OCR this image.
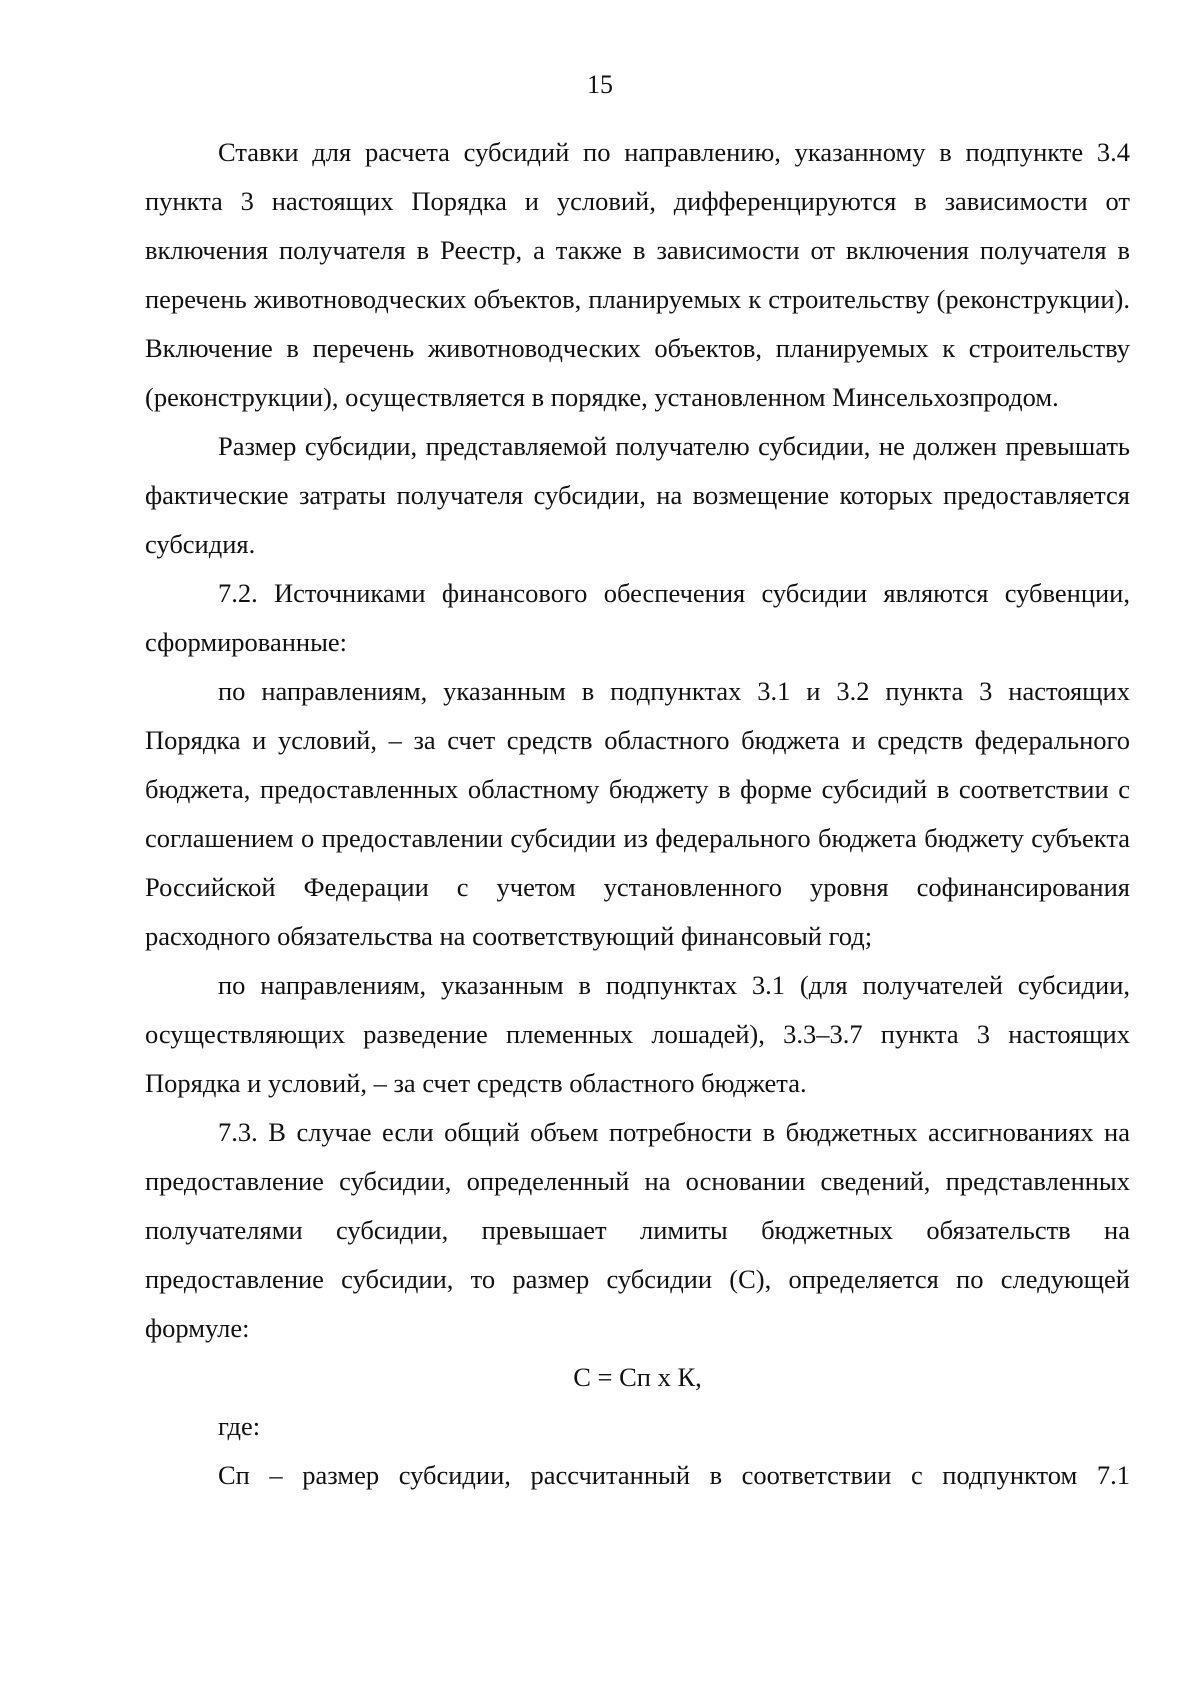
15

Ставки для расчета субсидий по направлению, указанному в подпункте 3.4 пункта 3 настоящих Порядка и условий, дифференцируются в зависимости от включения получателя в Реестр, а также в зависимости от включения получателя в перечень животноводческих объектов, планируемых к строительству (реконструкции). Включение в перечень животноводческих объектов, планируемых к строительству (реконструкции), осуществляется в порядке, установленном Минсельхозпродом.

Размер субсидии, представляемой получателю субсидии, не должен превышать фактические затраты получателя субсидии, на возмещение которых предоставляется субсидия.

7.2. Источниками финансового обеспечения субсидии являются субвенции, сформированные:

по направлениям, указанным в подпунктах 3.1 и 3.2 пункта 3 настоящих Порядка и условий, – за счет средств областного бюджета и средств федерального бюджета, предоставленных областному бюджету в форме субсидий в соответствии с соглашением о предоставлении субсидии из федерального бюджета бюджету субъекта Российской Федерации с учетом установленного уровня софинансирования расходного обязательства на соответствующий финансовый год;

по направлениям, указанным в подпунктах 3.1 (для получателей субсидии, осуществляющих разведение племенных лошадей), 3.3–3.7 пункта 3 настоящих Порядка и условий, – за счет средств областного бюджета.

7.3. В случае если общий объем потребности в бюджетных ассигнованиях на предоставление субсидии, определенный на основании сведений, представленных получателями субсидии, превышает лимиты бюджетных обязательств на предоставление субсидии, то размер субсидии (С), определяется по следующей формуле:

С = Сп х К,

где:

Сп – размер субсидии, рассчитанный в соответствии с подпунктом 7.1
